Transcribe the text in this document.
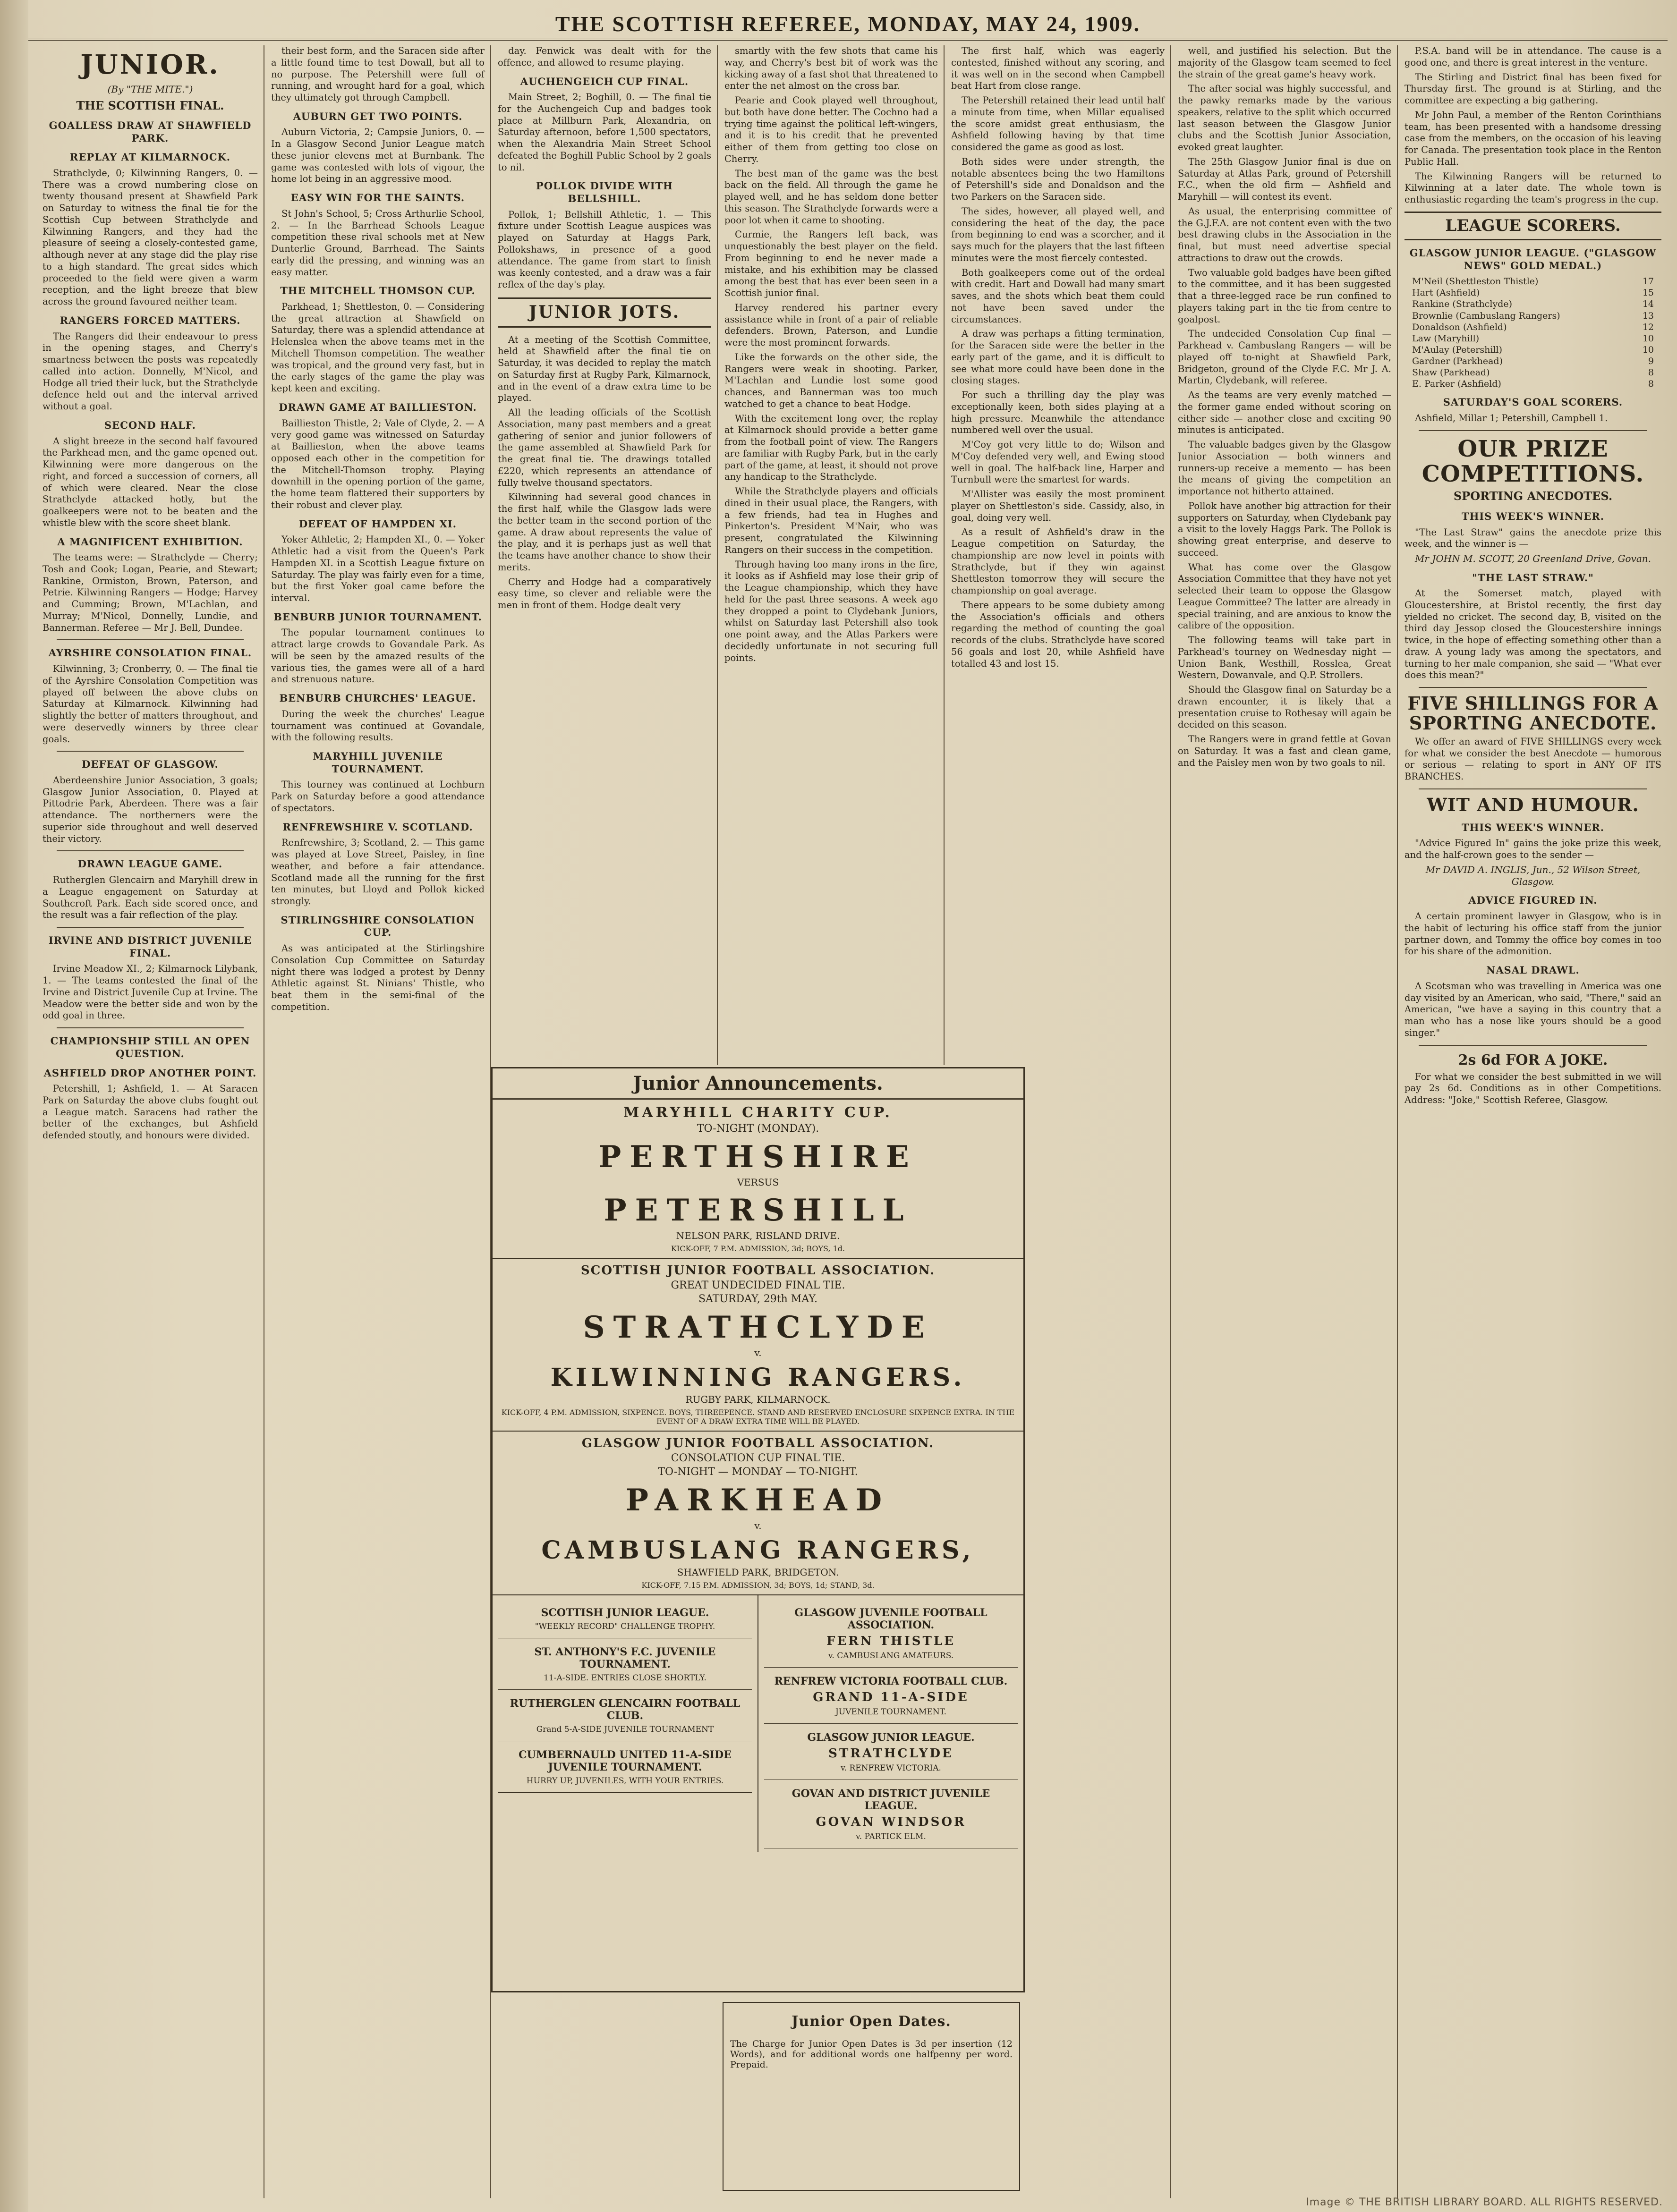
THE SCOTTISH REFEREE, MONDAY, MAY 24, 1909.
JUNIOR.
(By "THE MITE.")
THE SCOTTISH FINAL.
GOALLESS DRAW AT SHAWFIELD PARK.
REPLAY AT KILMARNOCK.

Strathclyde, 0; Kilwinning Rangers, 0. — There was a crowd numbering close on twenty thousand present at Shawfield Park on Saturday to witness the final tie for the Scottish Cup between Strathclyde and Kilwinning Rangers, and they had the pleasure of seeing a closely-contested game, although never at any stage did the play rise to a high standard. The great sides which proceeded to the field were given a warm reception, and the light breeze that blew across the ground favoured neither team.

RANGERS FORCED MATTERS.

The Rangers did their endeavour to press in the opening stages, and Cherry's smartness between the posts was repeatedly called into action. Donnelly, M'Nicol, and Hodge all tried their luck, but the Strathclyde defence held out and the interval arrived without a goal.

SECOND HALF.

A slight breeze in the second half favoured the Parkhead men, and the game opened out. Kilwinning were more dangerous on the right, and forced a succession of corners, all of which were cleared. Near the close Strathclyde attacked hotly, but the goalkeepers were not to be beaten and the whistle blew with the score sheet blank.

A MAGNIFICENT EXHIBITION.

The teams were: — Strathclyde — Cherry; Tosh and Cook; Logan, Pearie, and Stewart; Rankine, Ormiston, Brown, Paterson, and Petrie. Kilwinning Rangers — Hodge; Harvey and Cumming; Brown, M'Lachlan, and Murray; M'Nicol, Donnelly, Lundie, and Bannerman. Referee — Mr J. Bell, Dundee.

AYRSHIRE CONSOLATION FINAL.

Kilwinning, 3; Cronberry, 0. — The final tie of the Ayrshire Consolation Competition was played off between the above clubs on Saturday at Kilmarnock. Kilwinning had slightly the better of matters throughout, and were deservedly winners by three clear goals.

DEFEAT OF GLASGOW.

Aberdeenshire Junior Association, 3 goals; Glasgow Junior Association, 0. Played at Pittodrie Park, Aberdeen. There was a fair attendance. The northerners were the superior side throughout and well deserved their victory.

DRAWN LEAGUE GAME.

Rutherglen Glencairn and Maryhill drew in a League engagement on Saturday at Southcroft Park. Each side scored once, and the result was a fair reflection of the play.

IRVINE AND DISTRICT JUVENILE FINAL.

Irvine Meadow XI., 2; Kilmarnock Lilybank, 1. — The teams contested the final of the Irvine and District Juvenile Cup at Irvine. The Meadow were the better side and won by the odd goal in three.

CHAMPIONSHIP STILL AN OPEN QUESTION.
ASHFIELD DROP ANOTHER POINT.

Petershill, 1; Ashfield, 1. — At Saracen Park on Saturday the above clubs fought out a League match. Saracens had rather the better of the exchanges, but Ashfield defended stoutly, and honours were divided.

their best form, and the Saracen side after a little found time to test Dowall, but all to no purpose. The Petershill were full of running, and wrought hard for a goal, which they ultimately got through Campbell.

AUBURN GET TWO POINTS.

Auburn Victoria, 2; Campsie Juniors, 0. — In a Glasgow Second Junior League match these junior elevens met at Burnbank. The game was contested with lots of vigour, the home lot being in an aggressive mood.

EASY WIN FOR THE SAINTS.

St John's School, 5; Cross Arthurlie School, 2. — In the Barrhead Schools League competition these rival schools met at New Dunterlie Ground, Barrhead. The Saints early did the pressing, and winning was an easy matter.

THE MITCHELL THOMSON CUP.

Parkhead, 1; Shettleston, 0. — Considering the great attraction at Shawfield on Saturday, there was a splendid attendance at Helenslea when the above teams met in the Mitchell Thomson competition. The weather was tropical, and the ground very fast, but in the early stages of the game the play was kept keen and exciting.

DRAWN GAME AT BAILLIESTON.

Baillieston Thistle, 2; Vale of Clyde, 2. — A very good game was witnessed on Saturday at Baillieston, when the above teams opposed each other in the competition for the Mitchell-Thomson trophy. Playing downhill in the opening portion of the game, the home team flattered their supporters by their robust and clever play.

DEFEAT OF HAMPDEN XI.

Yoker Athletic, 2; Hampden XI., 0. — Yoker Athletic had a visit from the Queen's Park Hampden XI. in a Scottish League fixture on Saturday. The play was fairly even for a time, but the first Yoker goal came before the interval.

BENBURB JUNIOR TOURNAMENT.

The popular tournament continues to attract large crowds to Govandale Park. As will be seen by the amazed results of the various ties, the games were all of a hard and strenuous nature.

BENBURB CHURCHES' LEAGUE.

During the week the churches' League tournament was continued at Govandale, with the following results.

MARYHILL JUVENILE TOURNAMENT.

This tourney was continued at Lochburn Park on Saturday before a good attendance of spectators.

RENFREWSHIRE V. SCOTLAND.

Renfrewshire, 3; Scotland, 2. — This game was played at Love Street, Paisley, in fine weather, and before a fair attendance. Scotland made all the running for the first ten minutes, but Lloyd and Pollok kicked strongly.

STIRLINGSHIRE CONSOLATION CUP.

As was anticipated at the Stirlingshire Consolation Cup Committee on Saturday night there was lodged a protest by Denny Athletic against St. Ninians' Thistle, who beat them in the semi-final of the competition.

day. Fenwick was dealt with for the offence, and allowed to resume playing.

AUCHENGEICH CUP FINAL.

Main Street, 2; Boghill, 0. — The final tie for the Auchengeich Cup and badges took place at Millburn Park, Alexandria, on Saturday afternoon, before 1,500 spectators, when the Alexandria Main Street School defeated the Boghill Public School by 2 goals to nil.

POLLOK DIVIDE WITH BELLSHILL.

Pollok, 1; Bellshill Athletic, 1. — This fixture under Scottish League auspices was played on Saturday at Haggs Park, Pollokshaws, in presence of a good attendance. The game from start to finish was keenly contested, and a draw was a fair reflex of the day's play.

JUNIOR JOTS.

At a meeting of the Scottish Committee, held at Shawfield after the final tie on Saturday, it was decided to replay the match on Saturday first at Rugby Park, Kilmarnock, and in the event of a draw extra time to be played.

All the leading officials of the Scottish Association, many past members and a great gathering of senior and junior followers of the game assembled at Shawfield Park for the great final tie. The drawings totalled £220, which represents an attendance of fully twelve thousand spectators.

Kilwinning had several good chances in the first half, while the Glasgow lads were the better team in the second portion of the game. A draw about represents the value of the play, and it is perhaps just as well that the teams have another chance to show their merits.

Cherry and Hodge had a comparatively easy time, so clever and reliable were the men in front of them. Hodge dealt very

smartly with the few shots that came his way, and Cherry's best bit of work was the kicking away of a fast shot that threatened to enter the net almost on the cross bar.

Pearie and Cook played well throughout, but both have done better. The Cochno had a trying time against the political left-wingers, and it is to his credit that he prevented either of them from getting too close on Cherry.

The best man of the game was the best back on the field. All through the game he played well, and he has seldom done better this season. The Strathclyde forwards were a poor lot when it came to shooting.

Curmie, the Rangers left back, was unquestionably the best player on the field. From beginning to end he never made a mistake, and his exhibition may be classed among the best that has ever been seen in a Scottish junior final.

Harvey rendered his partner every assistance while in front of a pair of reliable defenders. Brown, Paterson, and Lundie were the most prominent forwards.

Like the forwards on the other side, the Rangers were weak in shooting. Parker, M'Lachlan and Lundie lost some good chances, and Bannerman was too much watched to get a chance to beat Hodge.

With the excitement long over, the replay at Kilmarnock should provide a better game from the football point of view. The Rangers are familiar with Rugby Park, but in the early part of the game, at least, it should not prove any handicap to the Strathclyde.

While the Strathclyde players and officials dined in their usual place, the Rangers, with a few friends, had tea in Hughes and Pinkerton's. President M'Nair, who was present, congratulated the Kilwinning Rangers on their success in the competition.

Through having too many irons in the fire, it looks as if Ashfield may lose their grip of the League championship, which they have held for the past three seasons. A week ago they dropped a point to Clydebank Juniors, whilst on Saturday last Petershill also took one point away, and the Atlas Parkers were decidedly unfortunate in not securing full points.

The first half, which was eagerly contested, finished without any scoring, and it was well on in the second when Campbell beat Hart from close range.

The Petershill retained their lead until half a minute from time, when Millar equalised the score amidst great enthusiasm, the Ashfield following having by that time considered the game as good as lost.

Both sides were under strength, the notable absentees being the two Hamiltons of Petershill's side and Donaldson and the two Parkers on the Saracen side.

The sides, however, all played well, and considering the heat of the day, the pace from beginning to end was a scorcher, and it says much for the players that the last fifteen minutes were the most fiercely contested.

Both goalkeepers come out of the ordeal with credit. Hart and Dowall had many smart saves, and the shots which beat them could not have been saved under the circumstances.

A draw was perhaps a fitting termination, for the Saracen side were the better in the early part of the game, and it is difficult to see what more could have been done in the closing stages.

For such a thrilling day the play was exceptionally keen, both sides playing at a high pressure. Meanwhile the attendance numbered well over the usual.

M'Coy got very little to do; Wilson and M'Coy defended very well, and Ewing stood well in goal. The half-back line, Harper and Turnbull were the smartest for wards.

M'Allister was easily the most prominent player on Shettleston's side. Cassidy, also, in goal, doing very well.

As a result of Ashfield's draw in the League competition on Saturday, the championship are now level in points with Strathclyde, but if they win against Shettleston tomorrow they will secure the championship on goal average.

There appears to be some dubiety among the Association's officials and others regarding the method of counting the goal records of the clubs. Strathclyde have scored 56 goals and lost 20, while Ashfield have totalled 43 and lost 15.

well, and justified his selection. But the majority of the Glasgow team seemed to feel the strain of the great game's heavy work.

The after social was highly successful, and the pawky remarks made by the various speakers, relative to the split which occurred last season between the Glasgow Junior clubs and the Scottish Junior Association, evoked great laughter.

The 25th Glasgow Junior final is due on Saturday at Atlas Park, ground of Petershill F.C., when the old firm — Ashfield and Maryhill — will contest its event.

As usual, the enterprising committee of the G.J.F.A. are not content even with the two best drawing clubs in the Association in the final, but must need advertise special attractions to draw out the crowds.

Two valuable gold badges have been gifted to the committee, and it has been suggested that a three-legged race be run confined to players taking part in the tie from centre to goalpost.

The undecided Consolation Cup final — Parkhead v. Cambuslang Rangers — will be played off to-night at Shawfield Park, Bridgeton, ground of the Clyde F.C. Mr J. A. Martin, Clydebank, will referee.

As the teams are very evenly matched — the former game ended without scoring on either side — another close and exciting 90 minutes is anticipated.

The valuable badges given by the Glasgow Junior Association — both winners and runners-up receive a memento — has been the means of giving the competition an importance not hitherto attained.

Pollok have another big attraction for their supporters on Saturday, when Clydebank pay a visit to the lovely Haggs Park. The Pollok is showing great enterprise, and deserve to succeed.

What has come over the Glasgow Association Committee that they have not yet selected their team to oppose the Glasgow League Committee? The latter are already in special training, and are anxious to know the calibre of the opposition.

The following teams will take part in Parkhead's tourney on Wednesday night — Union Bank, Westhill, Rosslea, Great Western, Dowanvale, and Q.P. Strollers.

Should the Glasgow final on Saturday be a drawn encounter, it is likely that a presentation cruise to Rothesay will again be decided on this season.

The Rangers were in grand fettle at Govan on Saturday. It was a fast and clean game, and the Paisley men won by two goals to nil.

P.S.A. band will be in attendance. The cause is a good one, and there is great interest in the venture.

The Stirling and District final has been fixed for Thursday first. The ground is at Stirling, and the committee are expecting a big gathering.

Mr John Paul, a member of the Renton Corinthians team, has been presented with a handsome dressing case from the members, on the occasion of his leaving for Canada. The presentation took place in the Renton Public Hall.

The Kilwinning Rangers will be returned to Kilwinning at a later date. The whole town is enthusiastic regarding the team's progress in the cup.

LEAGUE SCORERS.
GLASGOW JUNIOR LEAGUE. ("GLASGOW NEWS" GOLD MEDAL.)
M'Neil (Shettleston Thistle)	17
Hart (Ashfield)	15
Rankine (Strathclyde)	14
Brownlie (Cambuslang Rangers)	13
Donaldson (Ashfield)	12
Law (Maryhill)	10
M'Aulay (Petershill)	10
Gardner (Parkhead)	9
Shaw (Parkhead)	8
E. Parker (Ashfield)	8
SATURDAY'S GOAL SCORERS.

Ashfield, Millar 1; Petershill, Campbell 1.

OUR PRIZE COMPETITIONS.
SPORTING ANECDOTES.
THIS WEEK'S WINNER.

"The Last Straw" gains the anecdote prize this week, and the winner is —

Mr JOHN M. SCOTT, 20 Greenland Drive, Govan.
"THE LAST STRAW."

At the Somerset match, played with Gloucestershire, at Bristol recently, the first day yielded no cricket. The second day, B, visited on the third day Jessop closed the Gloucestershire innings twice, in the hope of effecting something other than a draw. A young lady was among the spectators, and turning to her male companion, she said — "What ever does this mean?"

FIVE SHILLINGS FOR A SPORTING ANECDOTE.

We offer an award of FIVE SHILLINGS every week for what we consider the best Anecdote — humorous or serious — relating to sport in ANY OF ITS BRANCHES.

WIT AND HUMOUR.
THIS WEEK'S WINNER.

"Advice Figured In" gains the joke prize this week, and the half-crown goes to the sender —

Mr DAVID A. INGLIS, Jun., 52 Wilson Street, Glasgow.
ADVICE FIGURED IN.

A certain prominent lawyer in Glasgow, who is in the habit of lecturing his office staff from the junior partner down, and Tommy the office boy comes in too for his share of the admonition.

NASAL DRAWL.

A Scotsman who was travelling in America was one day visited by an American, who said, "There," said an American, "we have a saying in this country that a man who has a nose like yours should be a good singer."

2s 6d FOR A JOKE.

For what we consider the best submitted in we will pay 2s 6d. Conditions as in other Competitions. Address: "Joke," Scottish Referee, Glasgow.

Junior Announcements.
MARYHILL CHARITY CUP.
TO-NIGHT (MONDAY).
PERTHSHIRE
VERSUS
PETERSHILL
NELSON PARK, RISLAND DRIVE.
KICK-OFF, 7 P.M. ADMISSION, 3d; BOYS, 1d.
SCOTTISH JUNIOR FOOTBALL ASSOCIATION.
GREAT UNDECIDED FINAL TIE.
SATURDAY, 29th MAY.
STRATHCLYDE
v.
KILWINNING RANGERS.
RUGBY PARK, KILMARNOCK.
KICK-OFF, 4 P.M. ADMISSION, SIXPENCE. BOYS, THREEPENCE. STAND AND RESERVED ENCLOSURE SIXPENCE EXTRA. IN THE EVENT OF A DRAW EXTRA TIME WILL BE PLAYED.
GLASGOW JUNIOR FOOTBALL ASSOCIATION.
CONSOLATION CUP FINAL TIE.
TO-NIGHT — MONDAY — TO-NIGHT.
PARKHEAD
v.
CAMBUSLANG RANGERS,
SHAWFIELD PARK, BRIDGETON.
KICK-OFF, 7.15 P.M. ADMISSION, 3d; BOYS, 1d; STAND, 3d.
SCOTTISH JUNIOR LEAGUE.
"WEEKLY RECORD" CHALLENGE TROPHY.
ST. ANTHONY'S F.C. JUVENILE TOURNAMENT.
11-A-SIDE. ENTRIES CLOSE SHORTLY.
RUTHERGLEN GLENCAIRN FOOTBALL CLUB.
Grand 5-A-SIDE JUVENILE TOURNAMENT
CUMBERNAULD UNITED 11-A-SIDE JUVENILE TOURNAMENT.
HURRY UP, JUVENILES, WITH YOUR ENTRIES.
GLASGOW JUVENILE FOOTBALL ASSOCIATION.
FERN THISTLE
v. CAMBUSLANG AMATEURS.
RENFREW VICTORIA FOOTBALL CLUB.
GRAND 11-A-SIDE
JUVENILE TOURNAMENT.
GLASGOW JUNIOR LEAGUE.
STRATHCLYDE
v. RENFREW VICTORIA.
GOVAN AND DISTRICT JUVENILE LEAGUE.
GOVAN WINDSOR
v. PARTICK ELM.
Junior Open Dates.

The Charge for Junior Open Dates is 3d per insertion (12 Words), and for additional words one halfpenny per word. Prepaid.

Image © THE BRITISH LIBRARY BOARD. ALL RIGHTS RESERVED.
